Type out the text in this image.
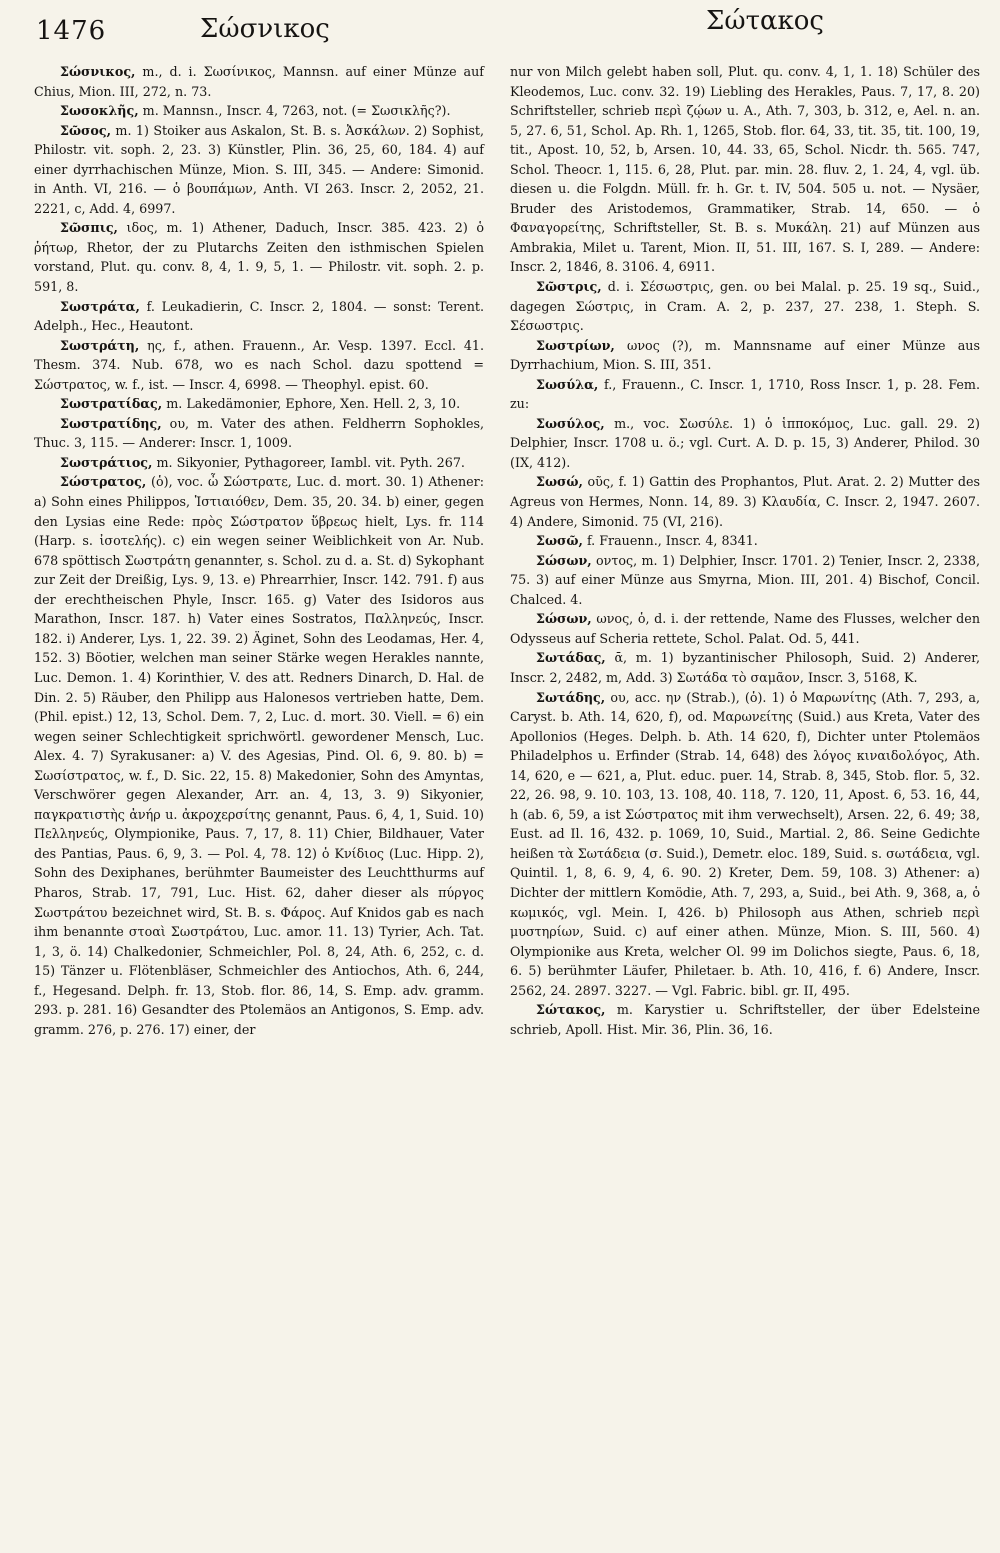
1476	Σώσνικος	Σώτακος

Σώσνικος, m., d. i. Σωσίνικος, Mannsn. auf einer Münze auf Chius, Mion. III, 272, n. 73.

Σωσοκλῆς, m. Mannsn., Inscr. 4, 7263, not. (= Σωσικλῆς?).

Σῶσος, m. 1) Stoiker aus Askalon, St. B. s. Ἀσκάλων. 2) Sophist, Philostr. vit. soph. 2, 23. 3) Künstler, Plin. 36, 25, 60, 184. 4) auf einer dyrrhachischen Münze, Mion. S. III, 345. — Andere: Simonid. in Anth. VI, 216. — ὁ βουπάμων, Anth. VI 263. Inscr. 2, 2052, 21. 2221, c, Add. 4, 6997.

Σῶσπις, ιδος, m. 1) Athener, Daduch, Inscr. 385. 423. 2) ὁ ῥήτωρ, Rhetor, der zu Plutarchs Zeiten den isthmischen Spielen vorstand, Plut. qu. conv. 8, 4, 1. 9, 5, 1. — Philostr. vit. soph. 2. p. 591, 8.

Σωστράτα, f. Leukadierin, C. Inscr. 2, 1804. — sonst: Terent. Adelph., Hec., Heautont.

Σωστράτη, ης, f., athen. Frauenn., Ar. Vesp. 1397. Eccl. 41. Thesm. 374. Nub. 678, wo es nach Schol. dazu spottend = Σώστρατος, w. f., ist. — Inscr. 4, 6998. — Theophyl. epist. 60.

Σωστρατίδας, m. Lakedämonier, Ephore, Xen. Hell. 2, 3, 10.

Σωστρατίδης, ου, m. Vater des athen. Feldherrn Sophokles, Thuc. 3, 115. — Anderer: Inscr. 1, 1009.

Σωστράτιος, m. Sikyonier, Pythagoreer, Iambl. vit. Pyth. 267.

Σώστρατος, (ὁ), voc. ὦ Σώστρατε, Luc. d. mort. 30. 1) Athener: a) Sohn eines Philippos, Ἱστιαιόθεν, Dem. 35, 20. 34. b) einer, gegen den Lysias eine Rede: πρὸς Σώστρατον ὕβρεως hielt, Lys. fr. 114 (Harp. s. ἰσοτελής). c) ein wegen seiner Weiblichkeit von Ar. Nub. 678 spöttisch Σωστράτη genannter, s. Schol. zu d. a. St. d) Sykophant zur Zeit der Dreißig, Lys. 9, 13. e) Phrearrhier, Inscr. 142. 791. f) aus der erechtheischen Phyle, Inscr. 165. g) Vater des Isidoros aus Marathon, Inscr. 187. h) Vater eines Sostratos, Παλληνεύς, Inscr. 182. i) Anderer, Lys. 1, 22. 39. 2) Äginet, Sohn des Leodamas, Her. 4, 152. 3) Böotier, welchen man seiner Stärke wegen Herakles nannte, Luc. Demon. 1. 4) Korinthier, V. des att. Redners Dinarch, D. Hal. de Din. 2. 5) Räuber, den Philipp aus Halonesos vertrieben hatte, Dem. (Phil. epist.) 12, 13, Schol. Dem. 7, 2, Luc. d. mort. 30. Viell. = 6) ein wegen seiner Schlechtigkeit sprichwörtl. gewordener Mensch, Luc. Alex. 4. 7) Syrakusaner: a) V. des Agesias, Pind. Ol. 6, 9. 80. b) = Σωσίστρατος, w. f., D. Sic. 22, 15. 8) Makedonier, Sohn des Amyntas, Verschwörer gegen Alexander, Arr. an. 4, 13, 3. 9) Sikyonier, παγκρατιστὴς ἀνήρ u. ἀκροχερσίτης genannt, Paus. 6, 4, 1, Suid. 10) Πελληνεύς, Olympionike, Paus. 7, 17, 8. 11) Chier, Bildhauer, Vater des Pantias, Paus. 6, 9, 3. — Pol. 4, 78. 12) ὁ Κνίδιος (Luc. Hipp. 2), Sohn des Dexiphanes, berühmter Baumeister des Leuchtthurms auf Pharos, Strab. 17, 791, Luc. Hist. 62, daher dieser als πύργος Σωστράτου bezeichnet wird, St. B. s. Φάρος. Auf Knidos gab es nach ihm benannte στοαὶ Σωστράτου, Luc. amor. 11. 13) Tyrier, Ach. Tat. 1, 3, ö. 14) Chalkedonier, Schmeichler, Pol. 8, 24, Ath. 6, 252, c. d. 15) Tänzer u. Flötenbläser, Schmeichler des Antiochos, Ath. 6, 244, f., Hegesand. Delph. fr. 13, Stob. flor. 86, 14, S. Emp. adv. gramm. 293. p. 281. 16) Gesandter des Ptolemäos an Antigonos, S. Emp. adv. gramm. 276, p. 276. 17) einer, der

nur von Milch gelebt haben soll, Plut. qu. conv. 4, 1, 1. 18) Schüler des Kleodemos, Luc. conv. 32. 19) Liebling des Herakles, Paus. 7, 17, 8. 20) Schriftsteller, schrieb περὶ ζῴων u. A., Ath. 7, 303, b. 312, e, Ael. n. an. 5, 27. 6, 51, Schol. Ap. Rh. 1, 1265, Stob. flor. 64, 33, tit. 35, tit. 100, 19, tit., Apost. 10, 52, b, Arsen. 10, 44. 33, 65, Schol. Nicdr. th. 565. 747, Schol. Theocr. 1, 115. 6, 28, Plut. par. min. 28. fluv. 2, 1. 24, 4, vgl. üb. diesen u. die Folgdn. Müll. fr. h. Gr. t. IV, 504. 505 u. not. — Nysäer, Bruder des Aristodemos, Grammatiker, Strab. 14, 650. — ὁ Φαναγορείτης, Schriftsteller, St. B. s. Μυκάλη. 21) auf Münzen aus Ambrakia, Milet u. Tarent, Mion. II, 51. III, 167. S. I, 289. — Andere: Inscr. 2, 1846, 8. 3106. 4, 6911.

Σῶστρις, d. i. Σέσωστρις, gen. ου bei Malal. p. 25. 19 sq., Suid., dagegen Σώστρις, in Cram. A. 2, p. 237, 27. 238, 1. Steph. S. Σέσωστρις.

Σωστρίων, ωνος (?), m. Mannsname auf einer Münze aus Dyrrhachium, Mion. S. III, 351.

Σωσύλα, f., Frauenn., C. Inscr. 1, 1710, Ross Inscr. 1, p. 28. Fem. zu:

Σωσύλος, m., voc. Σωσύλε. 1) ὁ ἱπποκόμος, Luc. gall. 29. 2) Delphier, Inscr. 1708 u. ö.; vgl. Curt. A. D. p. 15, 3) Anderer, Philod. 30 (IX, 412).

Σωσώ, οῦς, f. 1) Gattin des Prophantos, Plut. Arat. 2. 2) Mutter des Agreus von Hermes, Nonn. 14, 89. 3) Κλαυδία, C. Inscr. 2, 1947. 2607. 4) Andere, Simonid. 75 (VI, 216).

Σωσῶ, f. Frauenn., Inscr. 4, 8341.

Σώσων, οντος, m. 1) Delphier, Inscr. 1701. 2) Tenier, Inscr. 2, 2338, 75. 3) auf einer Münze aus Smyrna, Mion. III, 201. 4) Bischof, Concil. Chalced. 4.

Σώσων, ωνος, ὁ, d. i. der rettende, Name des Flusses, welcher den Odysseus auf Scheria rettete, Schol. Palat. Od. 5, 441.

Σωτάδας, ᾱ, m. 1) byzantinischer Philosoph, Suid. 2) Anderer, Inscr. 2, 2482, m, Add. 3) Σωτάδα τὸ σαμᾶον, Inscr. 3, 5168, K.

Σωτάδης, ου, acc. ην (Strab.), (ὁ). 1) ὁ Μαρωνίτης (Ath. 7, 293, a, Caryst. b. Ath. 14, 620, f), od. Μαρωνείτης (Suid.) aus Kreta, Vater des Apollonios (Heges. Delph. b. Ath. 14 620, f), Dichter unter Ptolemäos Philadelphos u. Erfinder (Strab. 14, 648) des λόγος κιναιδολόγος, Ath. 14, 620, e — 621, a, Plut. educ. puer. 14, Strab. 8, 345, Stob. flor. 5, 32. 22, 26. 98, 9. 10. 103, 13. 108, 40. 118, 7. 120, 11, Apost. 6, 53. 16, 44, h (ab. 6, 59, a ist Σώστρατος mit ihm verwechselt), Arsen. 22, 6. 49; 38, Eust. ad Il. 16, 432. p. 1069, 10, Suid., Martial. 2, 86. Seine Gedichte heißen τὰ Σωτάδεια (σ. Suid.), Demetr. eloc. 189, Suid. s. σωτάδεια, vgl. Quintil. 1, 8, 6. 9, 4, 6. 90. 2) Kreter, Dem. 59, 108. 3) Athener: a) Dichter der mittlern Komödie, Ath. 7, 293, a, Suid., bei Ath. 9, 368, a, ὁ κωμικός, vgl. Mein. I, 426. b) Philosoph aus Athen, schrieb περὶ μυστηρίων, Suid. c) auf einer athen. Münze, Mion. S. III, 560. 4) Olympionike aus Kreta, welcher Ol. 99 im Dolichos siegte, Paus. 6, 18, 6. 5) berühmter Läufer, Philetaer. b. Ath. 10, 416, f. 6) Andere, Inscr. 2562, 24. 2897. 3227. — Vgl. Fabric. bibl. gr. II, 495.

Σώτακος, m. Karystier u. Schriftsteller, der über Edelsteine schrieb, Apoll. Hist. Mir. 36, Plin. 36, 16.
